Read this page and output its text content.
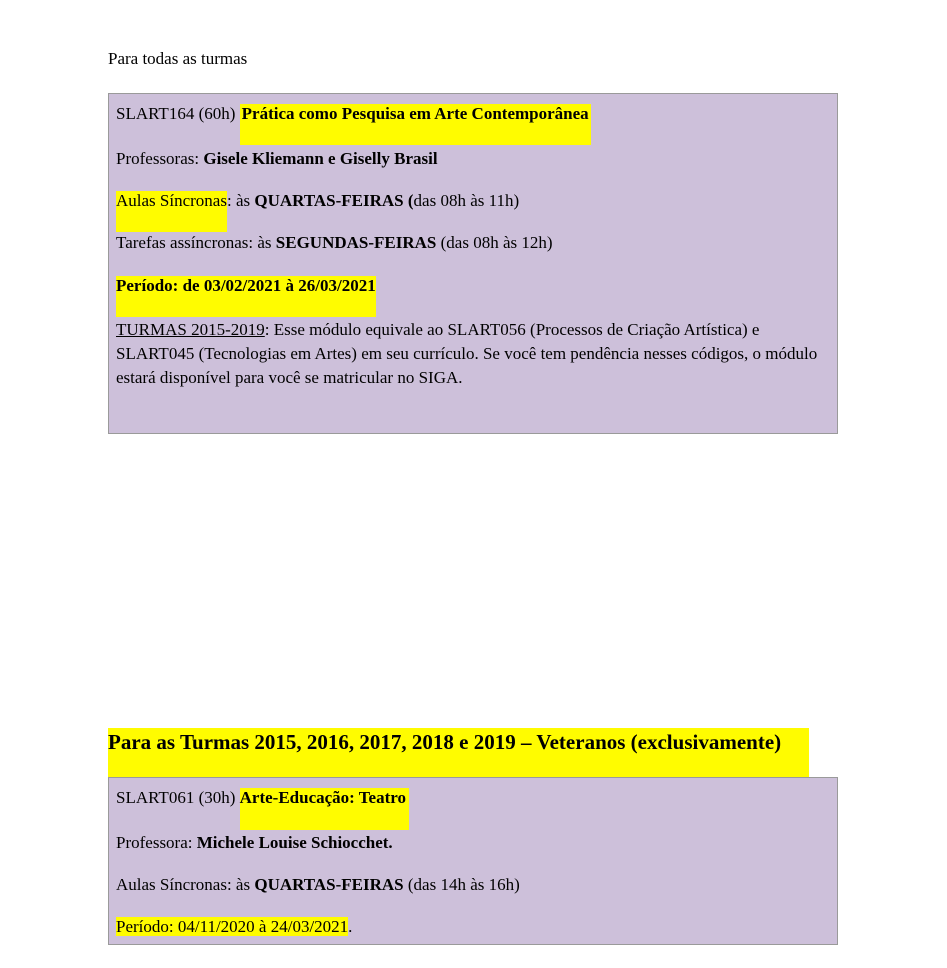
Para todas as turmas
SLART164 (60h) Prática como Pesquisa em Arte Contemporânea
Professoras: Gisele Kliemann e Giselly Brasil
Aulas Síncronas: às QUARTAS-FEIRAS (das 08h às 11h)
Tarefas assíncronas: às SEGUNDAS-FEIRAS (das 08h às 12h)
Período: de 03/02/2021 à 26/03/2021
TURMAS 2015-2019: Esse módulo equivale ao SLART056 (Processos de Criação Artística) e SLART045 (Tecnologias em Artes) em seu currículo. Se você tem pendência nesses códigos, o módulo estará disponível para você se matricular no SIGA.
Para as Turmas 2015, 2016, 2017, 2018 e 2019 – Veteranos (exclusivamente)
SLART061 (30h) Arte-Educação: Teatro
Professora: Michele Louise Schiocchet.
Aulas Síncronas: às QUARTAS-FEIRAS (das 14h às 16h)
Período: 04/11/2020 à 24/03/2021.
